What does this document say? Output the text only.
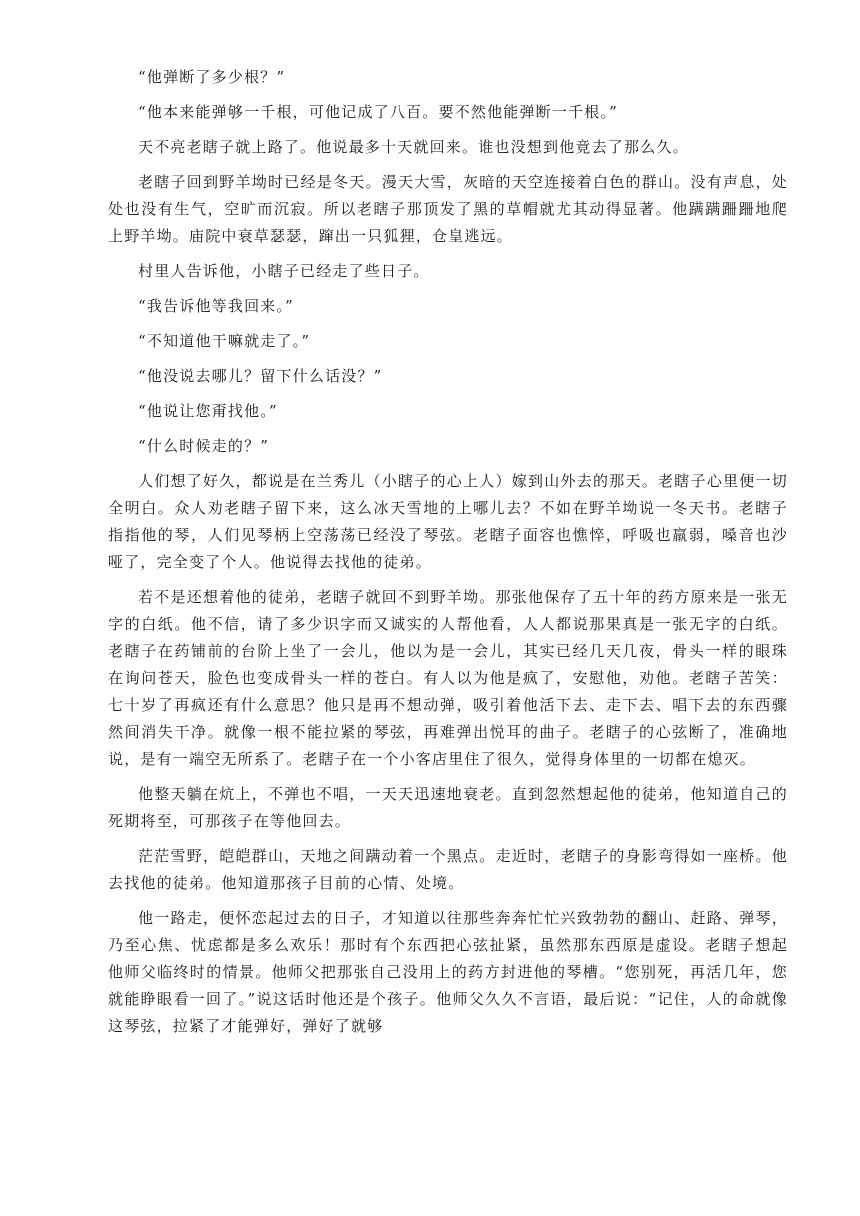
“他弹断了多少根？”

“他本来能弹够一千根，可他记成了八百。要不然他能弹断一千根。”

天不亮老瞎子就上路了。他说最多十天就回来。谁也没想到他竟去了那么久。

老瞎子回到野羊坳时已经是冬天。漫天大雪，灰暗的天空连接着白色的群山。没有声息，处处也没有生气，空旷而沉寂。所以老瞎子那顶发了黑的草帽就尤其动得显著。他蹒蹒跚跚地爬上野羊坳。庙院中衰草瑟瑟，蹿出一只狐狸，仓皇逃远。

村里人告诉他，小瞎子已经走了些日子。

“我告诉他等我回来。”

“不知道他干嘛就走了。”

“他没说去哪儿？留下什么话没？”

“他说让您甭找他。”

“什么时候走的？”

人们想了好久，都说是在兰秀儿（小瞎子的心上人）嫁到山外去的那天。老瞎子心里便一切全明白。众人劝老瞎子留下来，这么冰天雪地的上哪儿去？不如在野羊坳说一冬天书。老瞎子指指他的琴，人们见琴柄上空荡荡已经没了琴弦。老瞎子面容也憔悴，呼吸也羸弱，嗓音也沙哑了，完全变了个人。他说得去找他的徒弟。

若不是还想着他的徒弟，老瞎子就回不到野羊坳。那张他保存了五十年的药方原来是一张无字的白纸。他不信，请了多少识字而又诚实的人帮他看，人人都说那果真是一张无字的白纸。老瞎子在药铺前的台阶上坐了一会儿，他以为是一会儿，其实已经几天几夜，骨头一样的眼珠在询问苍天，脸色也变成骨头一样的苍白。有人以为他是疯了，安慰他，劝他。老瞎子苦笑：七十岁了再疯还有什么意思？他只是再不想动弹，吸引着他活下去、走下去、唱下去的东西骤然间消失干净。就像一根不能拉紧的琴弦，再难弹出悦耳的曲子。老瞎子的心弦断了，准确地说，是有一端空无所系了。老瞎子在一个小客店里住了很久，觉得身体里的一切都在熄灭。

他整天躺在炕上，不弹也不唱，一天天迅速地衰老。直到忽然想起他的徒弟，他知道自己的死期将至，可那孩子在等他回去。

茫茫雪野，皑皑群山，天地之间蹒动着一个黑点。走近时，老瞎子的身影弯得如一座桥。他去找他的徒弟。他知道那孩子目前的心情、处境。

他一路走，便怀恋起过去的日子，才知道以往那些奔奔忙忙兴致勃勃的翻山、赶路、弹琴，乃至心焦、忧虑都是多么欢乐！那时有个东西把心弦扯紧，虽然那东西原是虚设。老瞎子想起他师父临终时的情景。他师父把那张自己没用上的药方封进他的琴槽。“您别死，再活几年，您就能睁眼看一回了。”说这话时他还是个孩子。他师父久久不言语，最后说：“记住，人的命就像这琴弦，拉紧了才能弹好，弹好了就够
